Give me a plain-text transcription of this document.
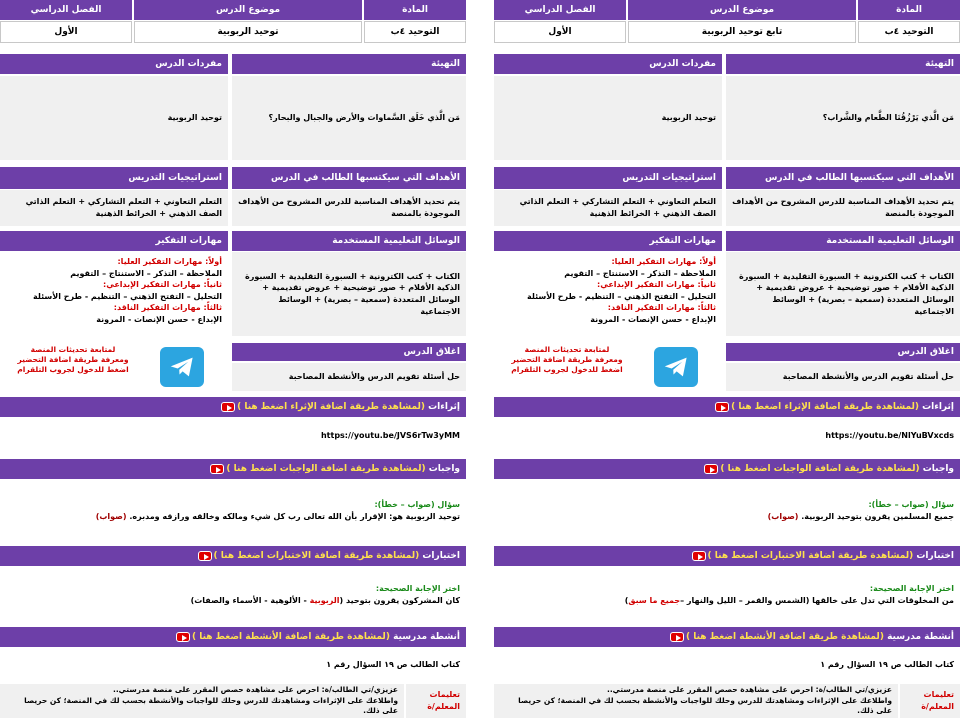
المادة
موضوع الدرس
الفصل الدراسي
التوحيد ٤ب
تابع توحيد الربوبية
الأول
التهيئة
مَن الَّذي يَرْزُقُنَا الطَّعام والشَّراب؟
مفردات الدرس
توحيد الربوبية
الأهداف التي سيكتسبها الطالب في الدرس
يتم تحديد الأهداف المناسبة للدرس المشروح من الأهداف الموجودة بالمنصة
استراتيجيات التدريس
التعلم التعاوني + التعلم التشاركي + التعلم الذاتي
الصف الذهني + الخرائط الذهنية
الوسائل التعليمية المستخدمة
الكتاب + كتب الكترونية + السبورة التقليدية + السبورة الذكية الأقلام + صور توضيحية + عروض تقديمية + الوسائل المتعددة (سمعية – بصرية) + الوسائط الاجتماعية
مهارات التفكير
أولاً: مهارات التفكير العليا:
الملاحظة – التذكر – الاستنتاج – التقويم
ثانياً: مهارات التفكير الإبداعي:
التحليل – التفتح الذهني – التنظيم - طرح الأسئلة
ثالثاً: مهارات التفكير الناقد:
الإبداع - حسن الإنصات - المرونة
اغلاق الدرس
حل أسئلة تقويم الدرس والأنشطة المصاحبة
لمتابعة تحديثات المنصة
ومعرفة طريقة اضافة التحضير
اضغط للدخول لجروب التلقرام
إثراءات

(لمشاهدة طريقة اضافة الإثراء اضغط هنا )
https://youtu.be/NlYuBVxcds
واجبات

(لمشاهدة طريقة اضافة الواجبات اضغط هنا )
سؤال (صواب – خطأ):
جميع المسلمين يقرون بتوحيد الربوبية. (صواب)
اختبارات

(لمشاهدة طريقة اضافة الاختبارات اضغط هنا )
اختر الإجابة الصحيحة:
من المخلوقات التي تدل على خالقها (الشمس والقمر – الليل والنهار –جميع ما سبق)
أنشطة مدرسية

(لمشاهدة طريقة اضافة الأنشطة اضغط هنا )
كتاب الطالب ص ١٩ السؤال رقم ١
تعليمات المعلم/ة
عزيزي/تي الطالب/ة: احرص على مشاهدة حصص المقرر على منصة مدرستي..
واطلاعك على الإثراءات ومشاهدتك للدرس وحلك للواجبات والأنشطة بحسب لك في المنصة؛ كن حريصا على ذلك.
المادة
موضوع الدرس
الفصل الدراسي
التوحيد ٤ب
توحيد الربوبية
الأول
التهيئة
مَن الَّذي خَلَق السَّماوات والأرض والجبال والبحار؟
مفردات الدرس
توحيد الربوبية
الأهداف التي سيكتسبها الطالب في الدرس
يتم تحديد الأهداف المناسبة للدرس المشروح من الأهداف الموجودة بالمنصة
استراتيجيات التدريس
التعلم التعاوني + التعلم التشاركي + التعلم الذاتي
الصف الذهني + الخرائط الذهنية
الوسائل التعليمية المستخدمة
الكتاب + كتب الكترونية + السبورة التقليدية + السبورة الذكية الأقلام + صور توضيحية + عروض تقديمية + الوسائل المتعددة (سمعية – بصرية) + الوسائط الاجتماعية
مهارات التفكير
أولاً: مهارات التفكير العليا:
الملاحظة – التذكر – الاستنتاج – التقويم
ثانياً: مهارات التفكير الإبداعي:
التحليل – التفتح الذهني – التنظيم - طرح الأسئلة
ثالثاً: مهارات التفكير الناقد:
الإبداع - حسن الإنصات - المرونة
اغلاق الدرس
حل أسئلة تقويم الدرس والأنشطة المصاحبة
لمتابعة تحديثات المنصة
ومعرفة طريقة اضافة التحضير
اضغط للدخول لجروب التلقرام
إثراءات

(لمشاهدة طريقة اضافة الإثراء اضغط هنا )
https://youtu.be/JVS6rTw3yMM
واجبات

(لمشاهدة طريقة اضافة الواجبات اضغط هنا )
سؤال (صواب – خطأ):
توحيد الربوبية هو: الإقرار بأن الله تعالى رب كل شيء ومالكه وخالقه ورازقه ومدبره. (صواب)
اختبارات

(لمشاهدة طريقة اضافة الاختبارات اضغط هنا )
اختر الإجابة الصحيحة:
كان المشركون يقرون بتوحيد (الربوبية - الألوهية - الأسماء والصفات)
أنشطة مدرسية

(لمشاهدة طريقة اضافة الأنشطة اضغط هنا )
كتاب الطالب ص ١٩ السؤال رقم ١
تعليمات المعلم/ة
عزيزي/تي الطالب/ة: احرص على مشاهدة حصص المقرر على منصة مدرستي..
واطلاعك على الإثراءات ومشاهدتك للدرس وحلك للواجبات والأنشطة بحسب لك في المنصة؛ كن حريصا على ذلك.
